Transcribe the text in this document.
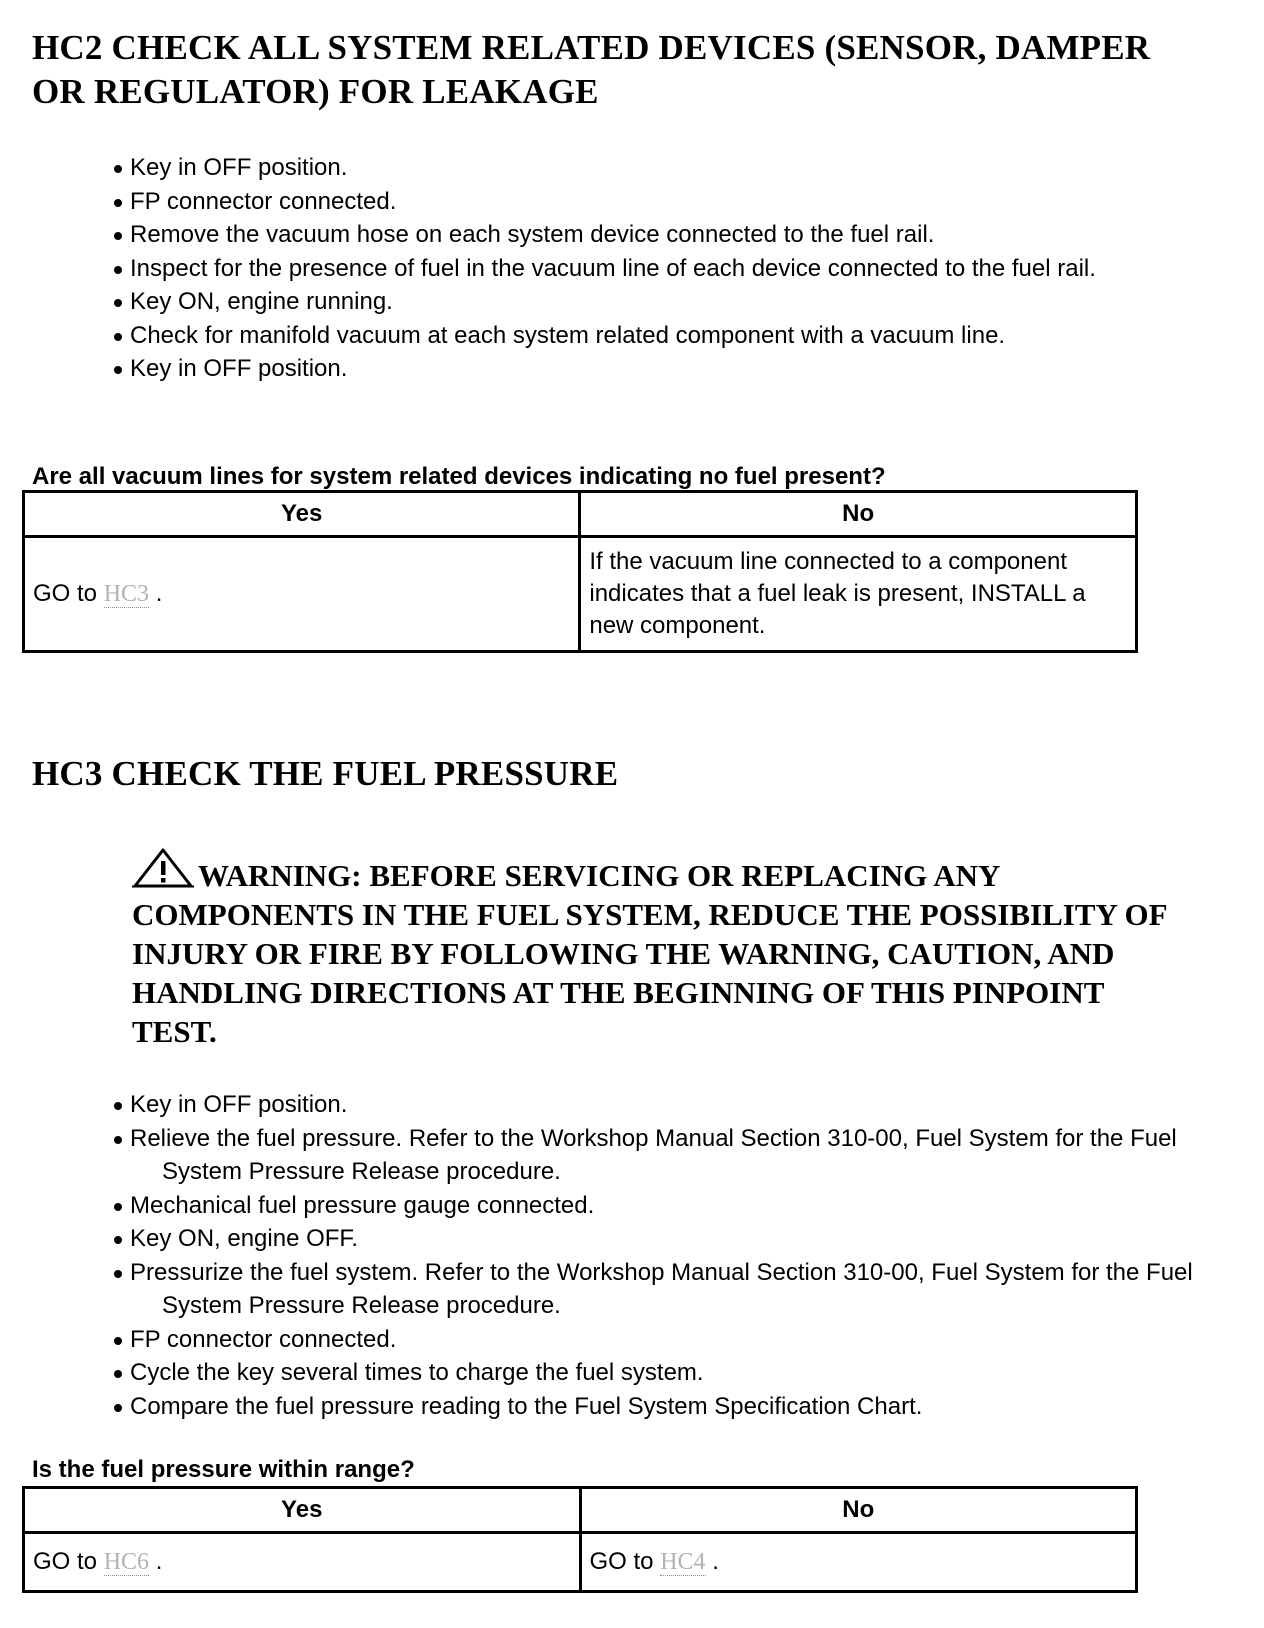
HC2 CHECK ALL SYSTEM RELATED DEVICES (SENSOR, DAMPER OR REGULATOR) FOR LEAKAGE
Key in OFF position.
FP connector connected.
Remove the vacuum hose on each system device connected to the fuel rail.
Inspect for the presence of fuel in the vacuum line of each device connected to the fuel rail.
Key ON, engine running.
Check for manifold vacuum at each system related component with a vacuum line.
Key in OFF position.

Are all vacuum lines for system related devices indicating no fuel present?

Yes	No
GO to HC3 .	If the vacuum line connected to a component indicates that a fuel leak is present, INSTALL a new component.
HC3 CHECK THE FUEL PRESSURE

WARNING: BEFORE SERVICING OR REPLACING ANY COMPONENTS IN THE FUEL SYSTEM, REDUCE THE POSSIBILITY OF INJURY OR FIRE BY FOLLOWING THE WARNING, CAUTION, AND HANDLING DIRECTIONS AT THE BEGINNING OF THIS PINPOINT TEST.

Key in OFF position.
Relieve the fuel pressure. Refer to the Workshop Manual Section 310-00, Fuel System for the Fuel System Pressure Release procedure.
Mechanical fuel pressure gauge connected.
Key ON, engine OFF.
Pressurize the fuel system. Refer to the Workshop Manual Section 310-00, Fuel System for the Fuel System Pressure Release procedure.
FP connector connected.
Cycle the key several times to charge the fuel system.
Compare the fuel pressure reading to the Fuel System Specification Chart.

Is the fuel pressure within range?

Yes	No
GO to HC6 .	GO to HC4 .
